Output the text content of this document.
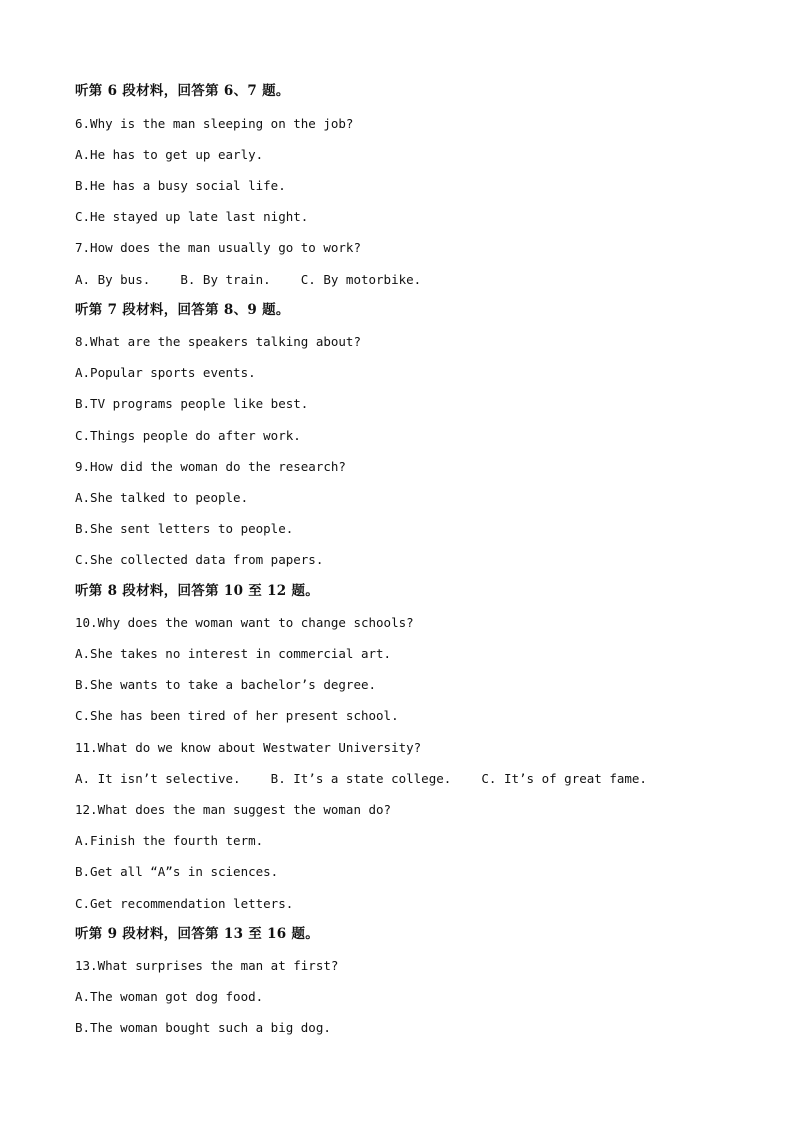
听第 6 段材料，回答第 6、7 题。
6.Why is the man sleeping on the job?
A.He has to get up early.
B.He has a busy social life.
C.He stayed up late last night.
7.How does the man usually go to work?
A. By bus.    B. By train.    C. By motorbike.
听第 7 段材料，回答第 8、9 题。
8.What are the speakers talking about?
A.Popular sports events.
B.TV programs people like best.
C.Things people do after work.
9.How did the woman do the research?
A.She talked to people.
B.She sent letters to people.
C.She collected data from papers.
听第 8 段材料，回答第 10 至 12 题。
10.Why does the woman want to change schools?
A.She takes no interest in commercial art.
B.She wants to take a bachelor’s degree.
C.She has been tired of her present school.
11.What do we know about Westwater University?
A. It isn’t selective.    B. It’s a state college.    C. It’s of great fame.
12.What does the man suggest the woman do?
A.Finish the fourth term.
B.Get all “A”s in sciences.
C.Get recommendation letters.
听第 9 段材料，回答第 13 至 16 题。
13.What surprises the man at first?
A.The woman got dog food.
B.The woman bought such a big dog.
